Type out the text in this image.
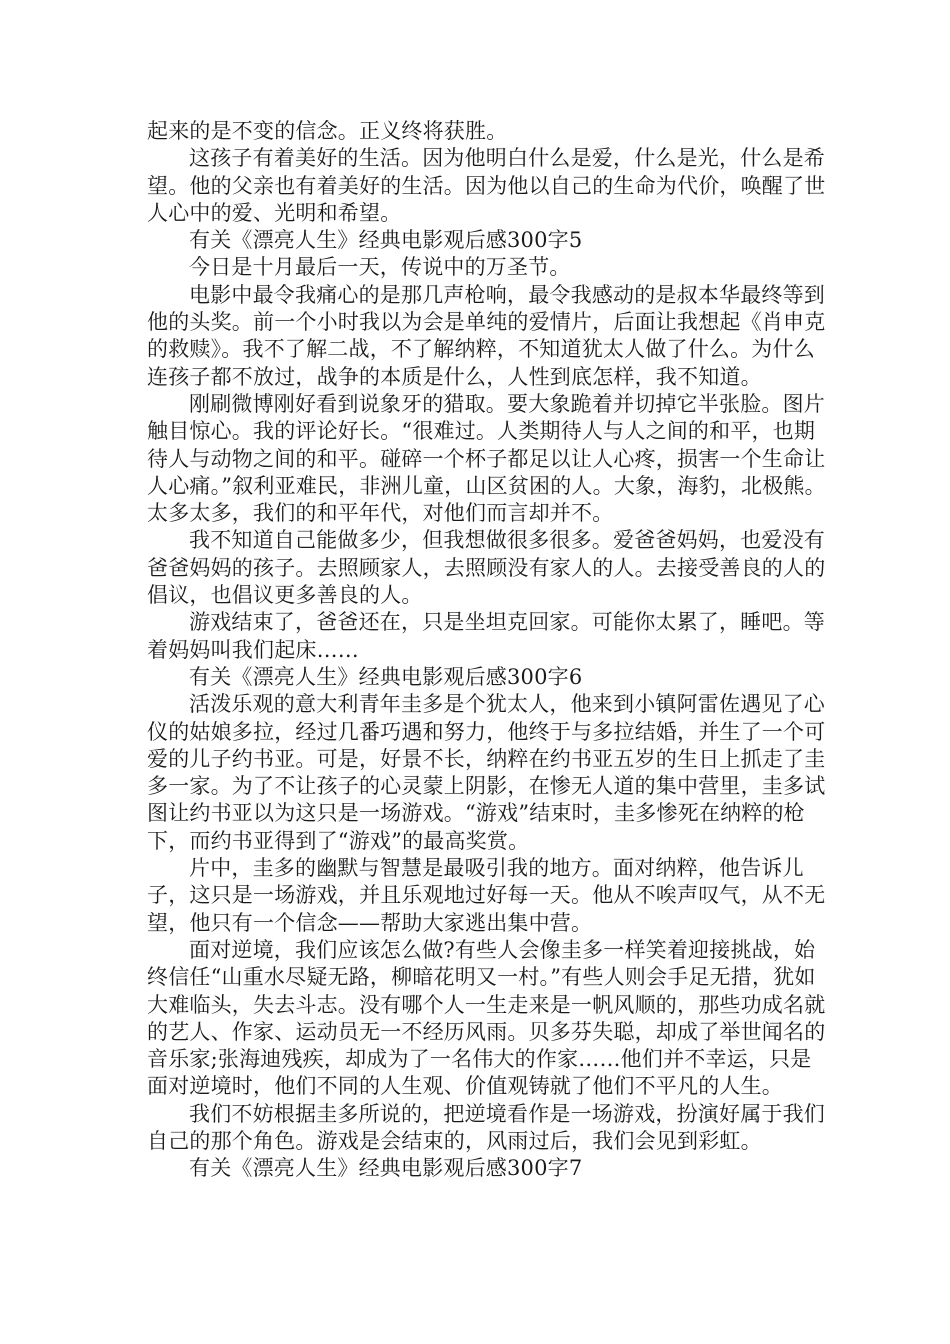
起来的是不变的信念。正义终将获胜。

这孩子有着美好的生活。因为他明白什么是爱，什么是光，什么是希望。他的父亲也有着美好的生活。因为他以自己的生命为代价，唤醒了世人心中的爱、光明和希望。

有关《漂亮人生》经典电影观后感300字5

今日是十月最后一天，传说中的万圣节。

电影中最令我痛心的是那几声枪响，最令我感动的是叔本华最终等到他的头奖。前一个小时我以为会是单纯的爱情片，后面让我想起《肖申克的救赎》。我不了解二战，不了解纳粹，不知道犹太人做了什么。为什么连孩子都不放过，战争的本质是什么，人性到底怎样，我不知道。

刚刷微博刚好看到说象牙的猎取。要大象跪着并切掉它半张脸。图片触目惊心。我的评论好长。“很难过。人类期待人与人之间的和平，也期待人与动物之间的和平。碰碎一个杯子都足以让人心疼，损害一个生命让人心痛。”叙利亚难民，非洲儿童，山区贫困的人。大象，海豹，北极熊。太多太多，我们的和平年代，对他们而言却并不。

我不知道自己能做多少，但我想做很多很多。爱爸爸妈妈，也爱没有爸爸妈妈的孩子。去照顾家人，去照顾没有家人的人。去接受善良的人的倡议，也倡议更多善良的人。

游戏结束了，爸爸还在，只是坐坦克回家。可能你太累了，睡吧。等着妈妈叫我们起床……

有关《漂亮人生》经典电影观后感300字6

活泼乐观的意大利青年圭多是个犹太人，他来到小镇阿雷佐遇见了心仪的姑娘多拉，经过几番巧遇和努力，他终于与多拉结婚，并生了一个可爱的儿子约书亚。可是，好景不长，纳粹在约书亚五岁的生日上抓走了圭多一家。为了不让孩子的心灵蒙上阴影，在惨无人道的集中营里，圭多试图让约书亚以为这只是一场游戏。“游戏”结束时，圭多惨死在纳粹的枪下，而约书亚得到了“游戏”的最高奖赏。

片中，圭多的幽默与智慧是最吸引我的地方。面对纳粹，他告诉儿子，这只是一场游戏，并且乐观地过好每一天。他从不唉声叹气，从不无望，他只有一个信念——帮助大家逃出集中营。

面对逆境，我们应该怎么做?有些人会像圭多一样笑着迎接挑战，始终信任“山重水尽疑无路，柳暗花明又一村。”有些人则会手足无措，犹如大难临头，失去斗志。没有哪个人一生走来是一帆风顺的，那些功成名就的艺人、作家、运动员无一不经历风雨。贝多芬失聪，却成了举世闻名的音乐家;张海迪残疾，却成为了一名伟大的作家……他们并不幸运，只是面对逆境时，他们不同的人生观、价值观铸就了他们不平凡的人生。

我们不妨根据圭多所说的，把逆境看作是一场游戏，扮演好属于我们自己的那个角色。游戏是会结束的，风雨过后，我们会见到彩虹。

有关《漂亮人生》经典电影观后感300字7
